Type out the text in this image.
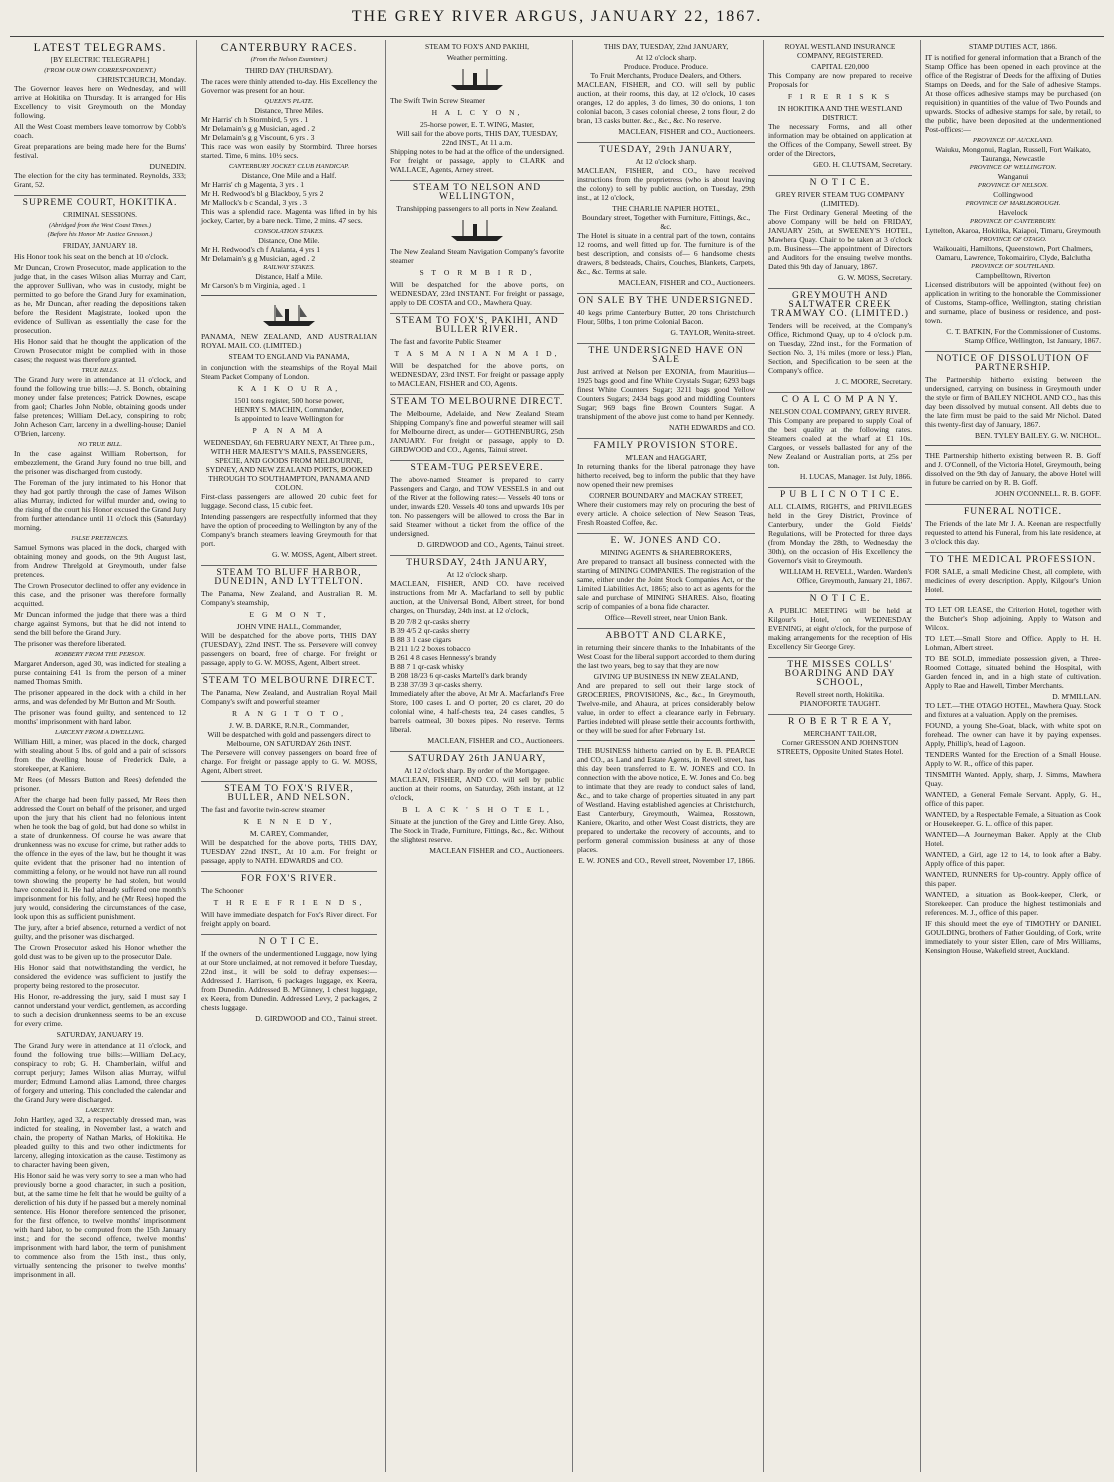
THE GREY RIVER ARGUS, JANUARY 22, 1867.
LATEST TELEGRAMS.
[BY ELECTRIC TELEGRAPH.]
(FROM OUR OWN CORRESPONDENT.)
CHRISTCHURCH, Monday.

The Governor leaves here on Wednesday, and will arrive at Hokitika on Thursday. It is arranged for His Excellency to visit Greymouth on the Monday following.

All the West Coast members leave tomorrow by Cobb's coach.

Great preparations are being made here for the Burns' festival.

DUNEDIN.

The election for the city has terminated. Reynolds, 333; Grant, 52.

SUPREME COURT, HOKITIKA.
CRIMINAL SESSIONS.
(Abridged from the West Coast Times.)
(Before his Honor Mr Justice Gresson.)
FRIDAY, JANUARY 18.

His Honor took his seat on the bench at 10 o'clock.

Mr Duncan, Crown Prosecutor, made application to the judge that, in the cases Wilson alias Murray and Carr, the approver Sullivan, who was in custody, might be permitted to go before the Grand Jury for examination, as he, Mr Duncan, after reading the depositions taken before the Resident Magistrate, looked upon the evidence of Sullivan as essentially the case for the prosecution.

His Honor said that he thought the application of the Crown Prosecutor might be complied with in those cases; the request was therefore granted.

TRUE BILLS.

The Grand Jury were in attendance at 11 o'clock, and found the following true bills:—J. S. Bonch, obtaining money under false pretences; Patrick Downes, escape from gaol; Charles John Noble, obtaining goods under false pretences; William DeLacy, conspiring to rob; John Acheson Carr, larceny in a dwelling-house; Daniel O'Brien, larceny.

NO TRUE BILL.

In the case against William Robertson, for embezzlement, the Grand Jury found no true bill, and the prisoner was discharged from custody.

The Foreman of the jury intimated to his Honor that they had got partly through the case of James Wilson alias Murray, indicted for wilful murder and, owing to the rising of the court his Honor excused the Grand Jury from further attendance until 11 o'clock this (Saturday) morning.

FALSE PRETENCES.

Samuel Symons was placed in the dock, charged with obtaining money and goods, on the 9th August last, from Andrew Threlgold at Greymouth, under false pretences.

The Crown Prosecutor declined to offer any evidence in this case, and the prisoner was therefore formally acquitted.

Mr Duncan informed the judge that there was a third charge against Symons, but that he did not intend to send the bill before the Grand Jury.

The prisoner was therefore liberated.

ROBBERY FROM THE PERSON.

Margaret Anderson, aged 30, was indicted for stealing a purse containing £41 1s from the person of a miner named Thomas Smith.

The prisoner appeared in the dock with a child in her arms, and was defended by Mr Button and Mr South.

The prisoner was found guilty, and sentenced to 12 months' imprisonment with hard labor.

LARCENY FROM A DWELLING.

William Hill, a miner, was placed in the dock, charged with stealing about 5 lbs. of gold and a pair of scissors from the dwelling house of Frederick Dale, a storekeeper, at Kaniere.

Mr Rees (of Messrs Button and Rees) defended the prisoner.

After the charge had been fully passed, Mr Rees then addressed the Court on behalf of the prisoner, and urged upon the jury that his client had no felonious intent when he took the bag of gold, but had done so whilst in a state of drunkenness. Of course he was aware that drunkenness was no excuse for crime, but rather adds to the offence in the eyes of the law, but he thought it was quite evident that the prisoner had no intention of committing a felony, or he would not have run all round town showing the property he had stolen, but would have concealed it. He had already suffered one month's imprisonment for his folly, and he (Mr Rees) hoped the jury would, considering the circumstances of the case, look upon this as sufficient punishment.

The jury, after a brief absence, returned a verdict of not guilty, and the prisoner was discharged.

The Crown Prosecutor asked his Honor whether the gold dust was to be given up to the prosecutor Dale.

His Honor said that notwithstanding the verdict, he considered the evidence was sufficient to justify the property being restored to the prosecutor.

His Honor, re-addressing the jury, said I must say I cannot understand your verdict, gentlemen, as according to such a decision drunkenness seems to be an excuse for every crime.

SATURDAY, JANUARY 19.

The Grand Jury were in attendance at 11 o'clock, and found the following true bills:—William DeLacy, conspiracy to rob; G. H. Chamberlain, wilful and corrupt perjury; James Wilson alias Murray, wilful murder; Edmund Lamond alias Lamond, three charges of forgery and uttering. This concluded the calendar and the Grand Jury were discharged.

LARCENY.

John Hartley, aged 32, a respectably dressed man, was indicted for stealing, in November last, a watch and chain, the property of Nathan Marks, of Hokitika. He pleaded guilty to this and two other indictments for larceny, alleging intoxication as the cause. Testimony as to character having been given,

His Honor said he was very sorry to see a man who had previously borne a good character, in such a position, but, at the same time he felt that he would be guilty of a dereliction of his duty if he passed but a merely nominal sentence. His Honor therefore sentenced the prisoner, for the first offence, to twelve months' imprisonment with hard labor, to be computed from the 15th January inst.; and for the second offence, twelve months' imprisonment with hard labor, the term of punishment to commence also from the 15th inst., thus only, virtually sentencing the prisoner to twelve months' imprisonment in all.

CANTERBURY RACES.
(From the Nelson Examiner.)
THIRD DAY (THURSDAY).

The races were thinly attended to-day. His Excellency the Governor was present for an hour.

QUEEN'S PLATE.
Distance, Three Miles.
Mr Harris' ch h Stormbird, 5 yrs . 1
Mr Delamain's g g Musician, aged . 2
Mr Delamain's g g Viscount, 6 yrs . 3

This race was won easily by Stormbird. Three horses started. Time, 6 mins. 10½ secs.

CANTERBURY JOCKEY CLUB HANDICAP.
Distance, One Mile and a Half.
Mr Harris' ch g Magenta, 3 yrs . 1
Mr H. Redwood's bl g Blackboy, 5 yrs 2
Mr Mallock's b c Scandal, 3 yrs . 3

This was a splendid race. Magenta was lifted in by his jockey, Carter, by a bare neck. Time, 2 mins. 47 secs.

CONSOLATION STAKES.
Distance, One Mile.
Mr H. Redwood's ch f Atalanta, 4 yrs 1
Mr Delamain's g g Musician, aged . 2
RAILWAY STAKES.
Distance, Half a Mile.
Mr Carson's b m Virginia, aged . 1

PANAMA, NEW ZEALAND, AND AUSTRALIAN ROYAL MAIL CO. (LIMITED.)

STEAM TO ENGLAND Via PANAMA,

in conjunction with the steamships of the Royal Mail Steam Packet Company of London.

K A I K O U R A,
1501 tons register, 500 horse power,
HENRY S. MACHIN, Commander,
Is appointed to leave Wellington for
P A N A M A
WEDNESDAY, 6th FEBRUARY NEXT, At Three p.m.,
WITH HER MAJESTY'S MAILS, PASSENGERS, SPECIE, AND GOODS FROM MELBOURNE, SYDNEY, AND NEW ZEALAND PORTS, BOOKED THROUGH TO SOUTHAMPTON, PANAMA AND COLON.

First-class passengers are allowed 20 cubic feet for luggage. Second class, 15 cubic feet.

Intending passengers are respectfully informed that they have the option of proceeding to Wellington by any of the Company's branch steamers leaving Greymouth for that port.

G. W. MOSS, Agent, Albert street.
STEAM TO BLUFF HARBOR, DUNEDIN, AND LYTTELTON.

The Panama, New Zealand, and Australian R. M. Company's steamship,

E G M O N T,
JOHN VINE HALL, Commander,

Will be despatched for the above ports, THIS DAY (TUESDAY), 22nd INST. The ss. Persevere will convey passengers on board, free of charge. For freight or passage, apply to G. W. MOSS, Agent, Albert street.

STEAM TO MELBOURNE DIRECT.

The Panama, New Zealand, and Australian Royal Mail Company's swift and powerful steamer

R A N G I T O T O,
J. W. B. DARKE, R.N.R., Commander,
Will be despatched with gold and passengers direct to Melbourne, ON SATURDAY 26th INST.

The Persevere will convey passengers on board free of charge. For freight or passage apply to G. W. MOSS, Agent, Albert street.

STEAM TO FOX'S RIVER, BULLER, AND NELSON.

The fast and favorite twin-screw steamer

K E N N E D Y,
M. CAREY, Commander,

Will be despatched for the above ports, THIS DAY, TUESDAY 22nd INST., At 10 a.m. For freight or passage, apply to NATH. EDWARDS and CO.

FOR FOX'S RIVER.

The Schooner

T H R E E F R I E N D S,

Will have immediate despatch for Fox's River direct. For freight apply on board.

N O T I C E.

If the owners of the undermentioned Luggage, now lying at our Store unclaimed, at not removed it before Tuesday, 22nd inst., it will be sold to defray expenses:— Addressed J. Harrison, 6 packages luggage, ex Keera, from Dunedin. Addressed B. M'Ginney, 1 chest luggage, ex Keera, from Dunedin. Addressed Levy, 2 packages, 2 chests luggage.

D. GIRDWOOD and CO., Tainui street.
STEAM TO FOX'S AND PAKIHI,
Weather permitting.

The Swift Twin Screw Steamer

H A L C Y O N,
25-horse power, E. T. WING, Master,
Will sail for the above ports, THIS DAY, TUESDAY, 22nd INST., At 11 a.m.

Shipping notes to be had at the office of the undersigned. For freight or passage, apply to CLARK and WALLACE, Agents, Arney street.

STEAM TO NELSON AND WELLINGTON,
Transhipping passengers to all ports in New Zealand.

The New Zealand Steam Navigation Company's favorite steamer

S T O R M B I R D,

Will be despatched for the above ports, on WEDNESDAY, 23rd INSTANT. For freight or passage, apply to DE COSTA and CO., Mawhera Quay.

STEAM TO FOX'S, PAKIHI, AND BULLER RIVER.

The fast and favorite Public Steamer

T A S M A N I A N M A I D,

Will be despatched for the above ports, on WEDNESDAY, 23rd INST. For freight or passage apply to MACLEAN, FISHER and CO, Agents.

STEAM TO MELBOURNE DIRECT.

The Melbourne, Adelaide, and New Zealand Steam Shipping Company's fine and powerful steamer will sail for Melbourne direct, as under— GOTHENBURG, 25th JANUARY. For freight or passage, apply to D. GIRDWOOD and CO., Agents, Tainui street.

STEAM-TUG PERSEVERE.

The above-named Steamer is prepared to carry Passengers and Cargo, and TOW VESSELS in and out of the River at the following rates:— Vessels 40 tons or under, inwards £20. Vessels 40 tons and upwards 10s per ton. No passengers will be allowed to cross the Bar in said Steamer without a ticket from the office of the undersigned.

D. GIRDWOOD and CO., Agents, Tainui street.
THURSDAY, 24th JANUARY,
At 12 o'clock sharp.

MACLEAN, FISHER, AND CO. have received instructions from Mr A. Macfarland to sell by public auction, at the Universal Bond, Albert street, for bond charges, on Thursday, 24th inst. at 12 o'clock,

B 20 7/8 2 qr-casks sherry
B 39 4/5 2 qr-casks sherry
B 88 3 1 case cigars
B 211 1/2 2 boxes tobacco
B 261 4 8 cases Hennessy's brandy
B 88 7 1 qr-cask whisky
B 208 18/23 6 qr-casks Martell's dark brandy
B 238 37/39 3 qr-casks sherry.

Immediately after the above, At Mr A. Macfarland's Free Store, 100 cases L and O porter, 20 cs claret, 20 do colonial wine, 4 half-chests tea, 24 cases candles, 5 barrels oatmeal, 30 boxes pipes. No reserve. Terms liberal.

MACLEAN, FISHER and CO., Auctioneers.
SATURDAY 26th JANUARY,
At 12 o'clock sharp. By order of the Mortgagee.

MACLEAN, FISHER, AND CO. will sell by public auction at their rooms, on Saturday, 26th instant, at 12 o'clock,

B L A C K ' S H O T E L,

Situate at the junction of the Grey and Little Grey. Also, The Stock in Trade, Furniture, Fittings, &c., &c. Without the slightest reserve.

MACLEAN FISHER and CO., Auctioneers.
THIS DAY, TUESDAY, 22nd JANUARY,
At 12 o'clock sharp.
Produce. Produce. Produce.
To Fruit Merchants, Produce Dealers, and Others.

MACLEAN, FISHER, and CO. will sell by public auction, at their rooms, this day, at 12 o'clock, 10 cases oranges, 12 do apples, 3 do limes, 30 do onions, 1 ton colonial bacon, 3 cases colonial cheese, 2 tons flour, 2 do bran, 13 casks butter. &c., &c., &c. No reserve.

MACLEAN, FISHER and CO., Auctioneers.
TUESDAY, 29th JANUARY,
At 12 o'clock sharp.

MACLEAN, FISHER, and CO., have received instructions from the proprietress (who is about leaving the colony) to sell by public auction, on Tuesday, 29th inst., at 12 o'clock,

THE CHARLIE NAPIER HOTEL,
Boundary street, Together with Furniture, Fittings, &c., &c.

The Hotel is situate in a central part of the town, contains 12 rooms, and well fitted up for. The furniture is of the best description, and consists of— 6 handsome chests drawers, 8 bedsteads, Chairs, Couches, Blankets, Carpets, &c., &c. Terms at sale.

MACLEAN, FISHER and CO., Auctioneers.
ON SALE BY THE UNDERSIGNED.

40 kegs prime Canterbury Butter, 20 tons Christchurch Flour, 50lbs, 1 ton prime Colonial Bacon.

G. TAYLOR, Wenita-street.
THE UNDERSIGNED HAVE ON SALE

Just arrived at Nelson per EXONIA, from Mauritius— 1925 bags good and fine White Crystals Sugar; 6293 bags finest White Counters Sugar; 3211 bags good Yellow Counters Sugars; 2434 bags good and middling Counters Sugar; 969 bags fine Brown Counters Sugar. A transhipment of the above just come to hand per Kennedy.

NATH EDWARDS and CO.
FAMILY PROVISION STORE.
M'LEAN and HAGGART,

In returning thanks for the liberal patronage they have hitherto received, beg to inform the public that they have now opened their new premises

CORNER BOUNDARY and MACKAY STREET,

Where their customers may rely on procuring the best of every article. A choice selection of New Season Teas, Fresh Roasted Coffee, &c.

E. W. JONES AND CO.
MINING AGENTS & SHAREBROKERS,

Are prepared to transact all business connected with the starting of MINING COMPANIES. The registration of the same, either under the Joint Stock Companies Act, or the Limited Liabilities Act, 1865; also to act as agents for the sale and purchase of MINING SHARES. Also, floating scrip of companies of a bona fide character.

Office—Revell street, near Union Bank.
ABBOTT AND CLARKE,

in returning their sincere thanks to the Inhabitants of the West Coast for the liberal support accorded to them during the last two years, beg to say that they are now

GIVING UP BUSINESS IN NEW ZEALAND,

And are prepared to sell out their large stock of GROCERIES, PROVISIONS, &c., &c., In Greymouth, Twelve-mile, and Ahaura, at prices considerably below value, in order to effect a clearance early in February. Parties indebted will please settle their accounts forthwith, or they will be sued for after February 1st.

THE BUSINESS hitherto carried on by E. B. PEARCE and CO., as Land and Estate Agents, in Revell street, has this day been transferred to E. W. JONES and CO. In connection with the above notice, E. W. Jones and Co. beg to intimate that they are ready to conduct sales of land, &c., and to take charge of properties situated in any part of Westland. Having established agencies at Christchurch, East Canterbury, Greymouth, Waimea, Rosstown, Kaniere, Okarito, and other West Coast districts, they are prepared to undertake the recovery of accounts, and to perform general commission business at any of those places.

E. W. JONES and CO., Revell street, November 17, 1866.
ROYAL WESTLAND INSURANCE COMPANY, REGISTERED.
CAPITAL £20,000

This Company are now prepared to receive Proposals for

F I R E R I S K S
IN HOKITIKA AND THE WESTLAND DISTRICT.

The necessary Forms, and all other information may be obtained on application at the Offices of the Company, Sewell street. By order of the Directors,

GEO. H. CLUTSAM, Secretary.
N O T I C E.
GREY RIVER STEAM TUG COMPANY (LIMITED).

The First Ordinary General Meeting of the above Company will be held on FRIDAY, JANUARY 25th, at SWEENEY'S HOTEL, Mawhera Quay. Chair to be taken at 3 o'clock p.m. Business—The appointment of Directors and Auditors for the ensuing twelve months. Dated this 9th day of January, 1867.

G. W. MOSS, Secretary.
GREYMOUTH AND SALTWATER CREEK TRAMWAY CO. (LIMITED.)

Tenders will be received, at the Company's Office, Richmond Quay, up to 4 o'clock p.m. on Tuesday, 22nd inst., for the Formation of Section No. 3, 1¼ miles (more or less.) Plan, Section, and Specification to be seen at the Company's office.

J. C. MOORE, Secretary.
C O A L C O M P A N Y.
NELSON COAL COMPANY, GREY RIVER.

This Company are prepared to supply Coal of the best quality at the following rates. Steamers coaled at the wharf at £1 10s. Cargoes, or vessels ballasted for any of the New Zealand or Australian ports, at 25s per ton.

H. LUCAS, Manager. 1st July, 1866.
P U B L I C N O T I C E.

ALL CLAIMS, RIGHTS, and PRIVILEGES held in the Grey District, Province of Canterbury, under the Gold Fields' Regulations, will be Protected for three days (from Monday the 28th, to Wednesday the 30th), on the occasion of His Excellency the Governor's visit to Greymouth.

WILLIAM H. REVELL, Warden. Warden's Office, Greymouth, January 21, 1867.
N O T I C E.

A PUBLIC MEETING will be held at Kilgour's Hotel, on WEDNESDAY EVENING, at eight o'clock, for the purpose of making arrangements for the reception of His Excellency Sir George Grey.

THE MISSES COLLS' BOARDING AND DAY SCHOOL,
Revell street north, Hokitika.
PIANOFORTE TAUGHT.
R O B E R T R E A Y,
MERCHANT TAILOR,
Corner GRESSON AND JOHNSTON STREETS, Opposite United States Hotel.
STAMP DUTIES ACT, 1866.

IT is notified for general information that a Branch of the Stamp Office has been opened in each province at the office of the Registrar of Deeds for the affixing of Duties Stamps on Deeds, and for the Sale of adhesive Stamps. At those offices adhesive stamps may be purchased (on requisition) in quantities of the value of Two Pounds and upwards. Stocks of adhesive stamps for sale, by retail, to the public, have been deposited at the undermentioned Post-offices:—

PROVINCE OF AUCKLAND.
Waiuku, Mongonui, Raglan, Russell, Fort Waikato, Tauranga, Newcastle
PROVINCE OF WELLINGTON.
Wanganui
PROVINCE OF NELSON.
Collingwood
PROVINCE OF MARLBOROUGH.
Havelock
PROVINCE OF CANTERBURY.
Lyttelton, Akaroa, Hokitika, Kaiapoi, Timaru, Greymouth
PROVINCE OF OTAGO.
Waikouaiti, Hamiltons, Queenstown, Port Chalmers, Oamaru, Lawrence, Tokomairiro, Clyde, Balclutha
PROVINCE OF SOUTHLAND.
Campbelltown, Riverton

Licensed distributors will be appointed (without fee) on application in writing to the honorable the Commissioner of Customs, Stamp-office, Wellington, stating christian and surname, place of business or residence, and post-town.

C. T. BATKIN, For the Commissioner of Customs. Stamp Office, Wellington, 1st January, 1867.
NOTICE OF DISSOLUTION OF PARTNERSHIP.

The Partnership hitherto existing between the undersigned, carrying on business in Greymouth under the style or firm of BAILEY NICHOL AND CO., has this day been dissolved by mutual consent. All debts due to the late firm must be paid to the said Mr Nichol. Dated this twenty-first day of January, 1867.

BEN. TYLEY BAILEY. G. W. NICHOL.

THE Partnership hitherto existing between R. B. Goff and J. O'Connell, of the Victoria Hotel, Greymouth, being dissolved on the 9th day of January, the above Hotel will in future be carried on by R. B. Goff.

JOHN O'CONNELL. R. B. GOFF.
FUNERAL NOTICE.

The Friends of the late Mr J. A. Keenan are respectfully requested to attend his Funeral, from his late residence, at 3 o'clock this day.

TO THE MEDICAL PROFESSION.

FOR SALE, a small Medicine Chest, all complete, with medicines of every description. Apply, Kilgour's Union Hotel.

TO LET OR LEASE, the Criterion Hotel, together with the Butcher's Shop adjoining. Apply to Watson and Wilcox.

TO LET.—Small Store and Office. Apply to H. H. Lohman, Albert street.

TO BE SOLD, immediate possession given, a Three-Roomed Cottage, situated behind the Hospital, with Garden fenced in, and in a high state of cultivation. Apply to Rae and Hawell, Timber Merchants.

D. M'MILLAN.

TO LET.—THE OTAGO HOTEL, Mawhera Quay. Stock and fixtures at a valuation. Apply on the premises.

FOUND, a young She-Goat, black, with white spot on forehead. The owner can have it by paying expenses. Apply, Phillip's, head of Lagoon.

TENDERS Wanted for the Erection of a Small House. Apply to W. R., office of this paper.

TINSMITH Wanted. Apply, sharp, J. Simms, Mawhera Quay.

WANTED, a General Female Servant. Apply, G. H., office of this paper.

WANTED, by a Respectable Female, a Situation as Cook or Housekeeper. G. L. office of this paper.

WANTED—A Journeyman Baker. Apply at the Club Hotel.

WANTED, a Girl, age 12 to 14, to look after a Baby. Apply office of this paper.

WANTED, RUNNERS for Up-country. Apply office of this paper.

WANTED, a situation as Book-keeper, Clerk, or Storekeeper. Can produce the highest testimonials and references. M. J., office of this paper.

IF this should meet the eye of TIMOTHY or DANIEL GOULDING, brothers of Father Goulding, of Cork, write immediately to your sister Ellen, care of Mrs Williams, Kensington House, Wakefield street, Auckland.
